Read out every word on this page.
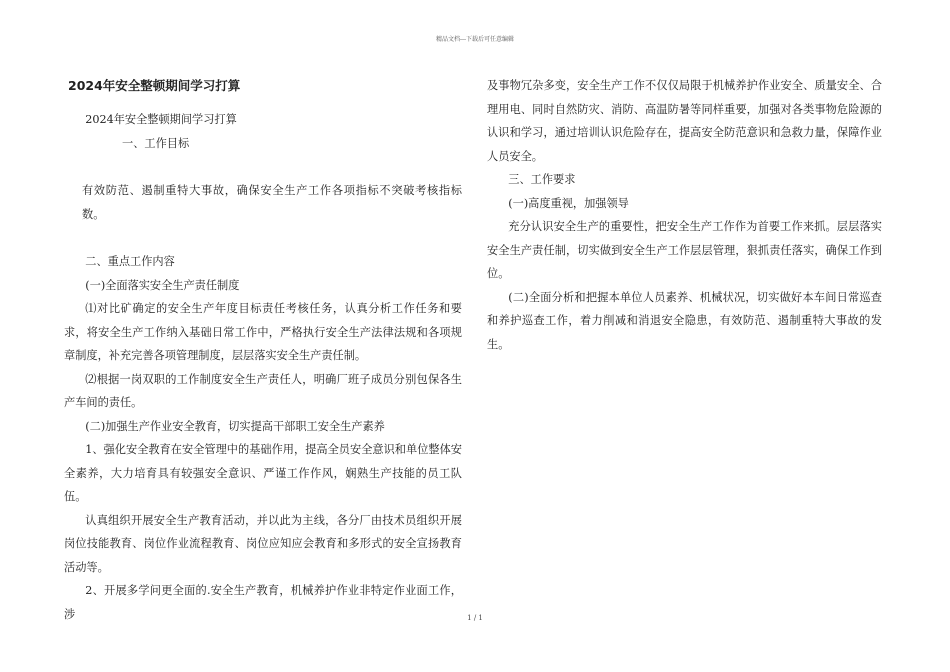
精品文档---下载后可任意编辑
2024年安全整顿期间学习打算

2024年安全整顿期间学习打算

一、工作目标

有效防范、遏制重特大事故，确保安全生产工作各项指标不突破考核指标数。

二、重点工作内容

(一)全面落实安全生产责任制度

⑴对比矿确定的安全生产年度目标责任考核任务，认真分析工作任务和要求，将安全生产工作纳入基础日常工作中，严格执行安全生产法律法规和各项规章制度，补充完善各项管理制度，层层落实安全生产责任制。

⑵根据一岗双职的工作制度安全生产责任人，明确厂班子成员分别包保各生产车间的责任。

(二)加强生产作业安全教育，切实提高干部职工安全生产素养

1、强化安全教育在安全管理中的基础作用，提高全员安全意识和单位整体安全素养，大力培育具有较强安全意识、严谨工作作风，娴熟生产技能的员工队伍。

认真组织开展安全生产教育活动，并以此为主线，各分厂由技术员组织开展岗位技能教育、岗位作业流程教育、岗位应知应会教育和多形式的安全宣扬教育活动等。

2、开展多学问更全面的.安全生产教育，机械养护作业非特定作业面工作，涉

及事物冗杂多变，安全生产工作不仅仅局限于机械养护作业安全、质量安全、合理用电、同时自然防灾、消防、高温防暑等同样重要，加强对各类事物危险源的认识和学习，通过培训认识危险存在，提高安全防范意识和急救力量，保障作业人员安全。

三、工作要求

(一)高度重视，加强领导

充分认识安全生产的重要性，把安全生产工作作为首要工作来抓。层层落实安全生产责任制，切实做到安全生产工作层层管理，狠抓责任落实，确保工作到位。

(二)全面分析和把握本单位人员素养、机械状况，切实做好本车间日常巡查和养护巡查工作，着力削减和消退安全隐患，有效防范、遏制重特大事故的发生。

1 / 1
